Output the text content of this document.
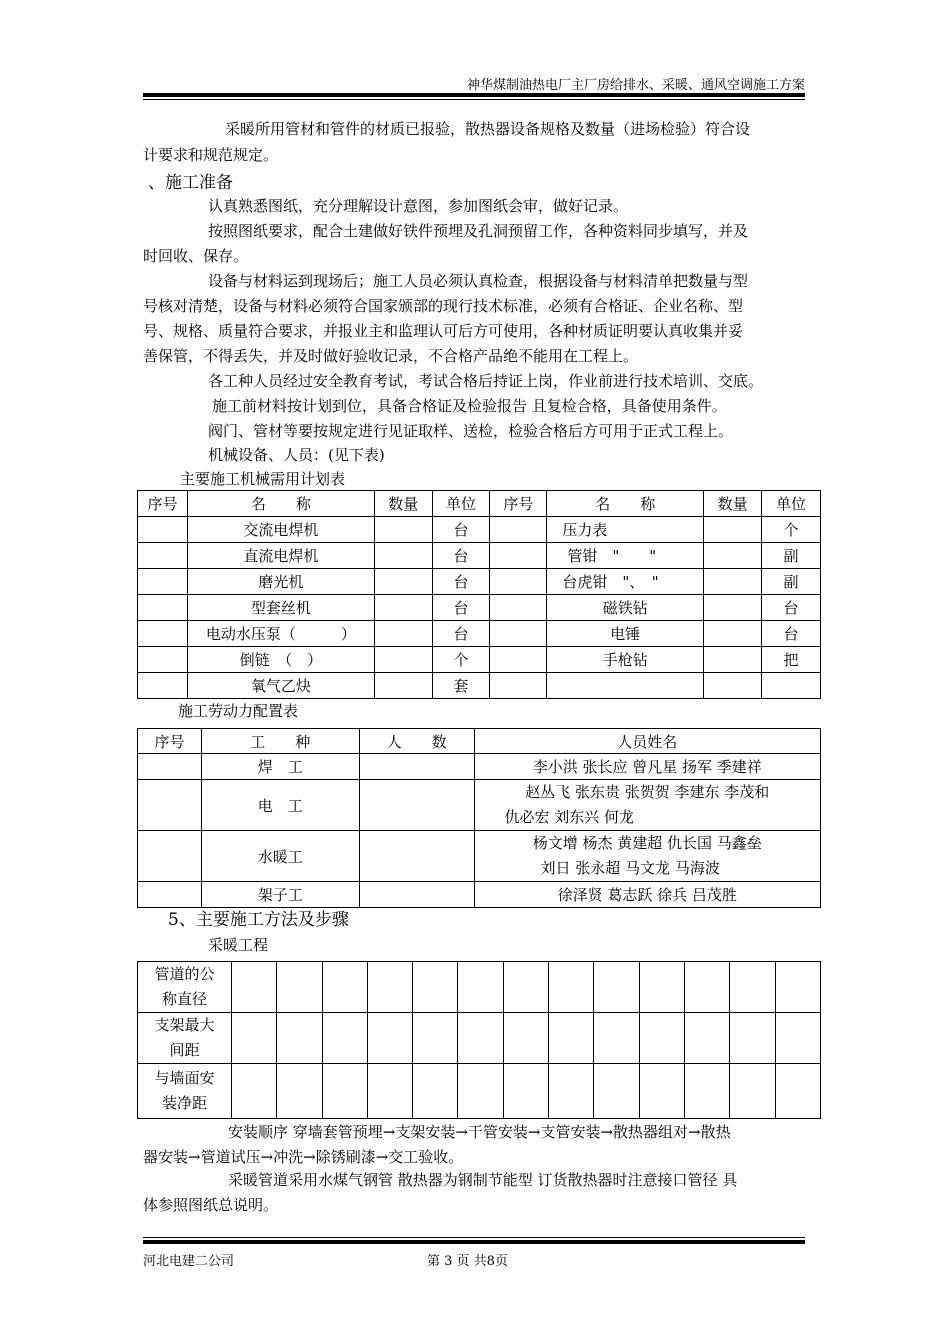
神华煤制油热电厂主厂房给排水、采暖、通风空调施工方案
采暖所用管材和管件的材质已报验，散热器设备规格及数量（进场检验）符合设
计要求和规范规定。
、施工准备
认真熟悉图纸，充分理解设计意图，参加图纸会审，做好记录。
按照图纸要求，配合土建做好铁件预埋及孔洞预留工作，各种资料同步填写，并及
时回收、保存。
设备与材料运到现场后；施工人员必须认真检查，根据设备与材料清单把数量与型
号核对清楚，设备与材料必须符合国家颁部的现行技术标准，必须有合格证、企业名称、型
号、规格、质量符合要求，并报业主和监理认可后方可使用，各种材质证明要认真收集并妥
善保管，不得丢失，并及时做好验收记录，不合格产品绝不能用在工程上。
各工种人员经过安全教育考试，考试合格后持证上岗，作业前进行技术培训、交底。
施工前材料按计划到位，具备合格证及检验报告 且复检合格，具备使用条件。
阀门、管材等要按规定进行见证取样、送检，检验合格后方可用于正式工程上。
机械设备、人员：(见下表)
主要施工机械需用计划表
序号	名　　称	数量	单位	序号	名　　称	数量	单位
	交流电焊机		台		压力表		个
	直流电焊机		台		管钳　"　　"		副
	磨光机		台		台虎钳　"、　"		副
	型套丝机		台		磁铁钻		台
	电动水压泵（　　　）		台		电锤		台
	倒链　（　）		个		手枪钻		把
	氧气乙炔		套				
施工劳动力配置表
序号	工　　种	人　　数	人员姓名
	焊　工		李小洪 张长应 曾凡星 扬军 季建祥

	电　工		赵丛飞 张东贵 张贺贺 李建东 李茂和
仇必宏 刘东兴 何龙

	水暖工		杨文增 杨杰 黄建超 仇长国 马鑫垒
刘日 张永超 马文龙 马海波

	架子工		徐泽贤 葛志跃 徐兵 吕茂胜
5、主要施工方法及步骤
采暖工程
管道的公
称直径													

支架最大
间距													

与墙面安
装净距													

安装顺序 穿墙套管预埋→支架安装→干管安装→支管安装→散热器组对→散热
器安装→管道试压→冲洗→除锈刷漆→交工验收。
采暖管道采用水煤气钢管 散热器为钢制节能型 订货散热器时注意接口管径 具
体参照图纸总说明。
河北电建二公司	第 3 页 共8页
